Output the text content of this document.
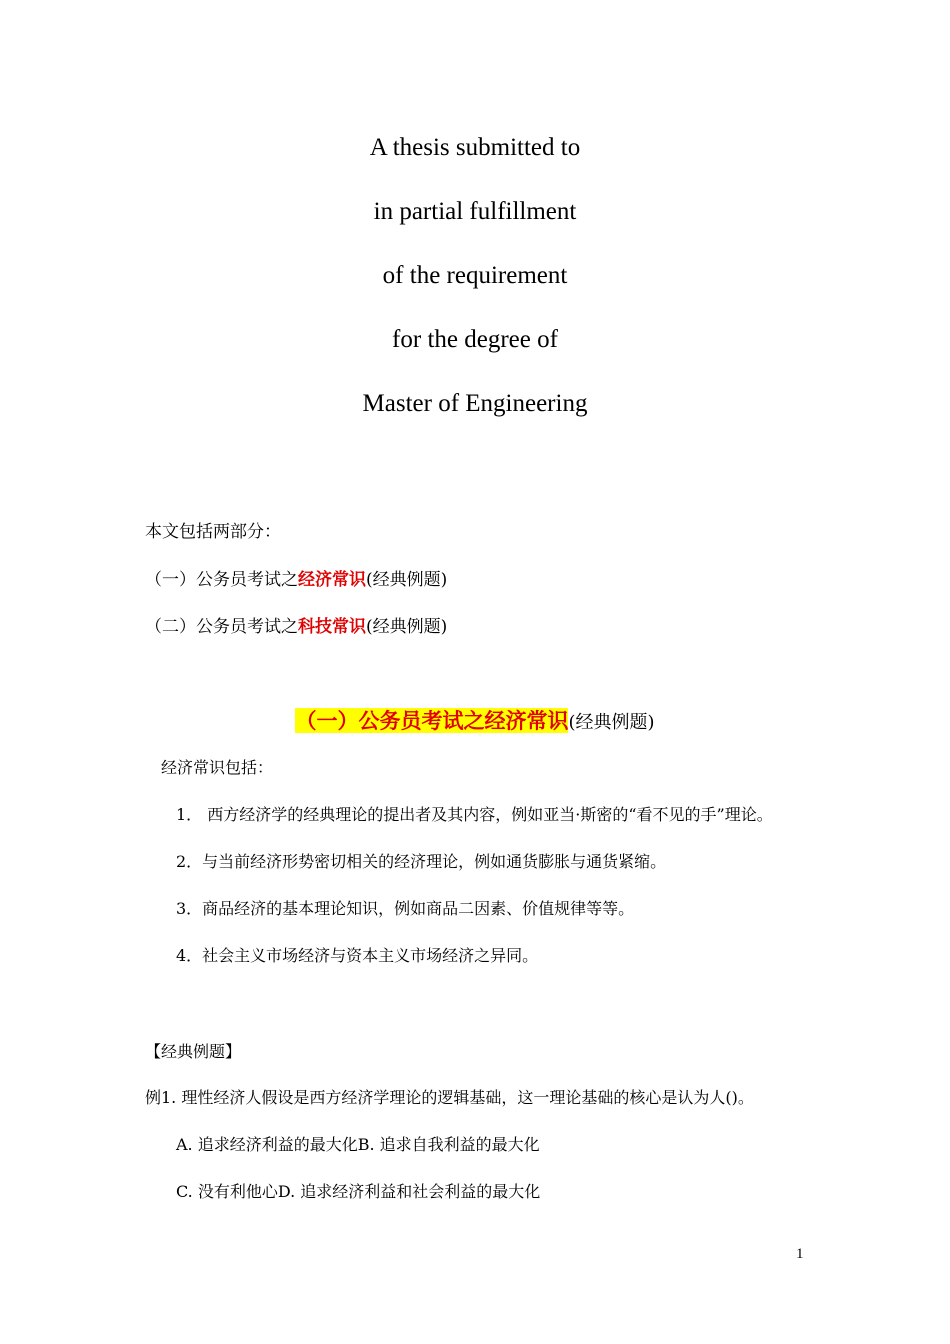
A thesis submitted to
in partial fulfillment
of the requirement
for the degree of
Master of Engineering
本文包括两部分：
（一）公务员考试之经济常识(经典例题)
（二）公务员考试之科技常识(经典例题)
（一）公务员考试之经济常识(经典例题)
经济常识包括：
1． 西方经济学的经典理论的提出者及其内容，例如亚当·斯密的“看不见的手”理论。
2．与当前经济形势密切相关的经济理论，例如通货膨胀与通货紧缩。
3．商品经济的基本理论知识，例如商品二因素、价值规律等等。
4．社会主义市场经济与资本主义市场经济之异同。
【经典例题】
例1. 理性经济人假设是西方经济学理论的逻辑基础，这一理论基础的核心是认为人()。
A. 追求经济利益的最大化B. 追求自我利益的最大化
C. 没有利他心D. 追求经济利益和社会利益的最大化
1
